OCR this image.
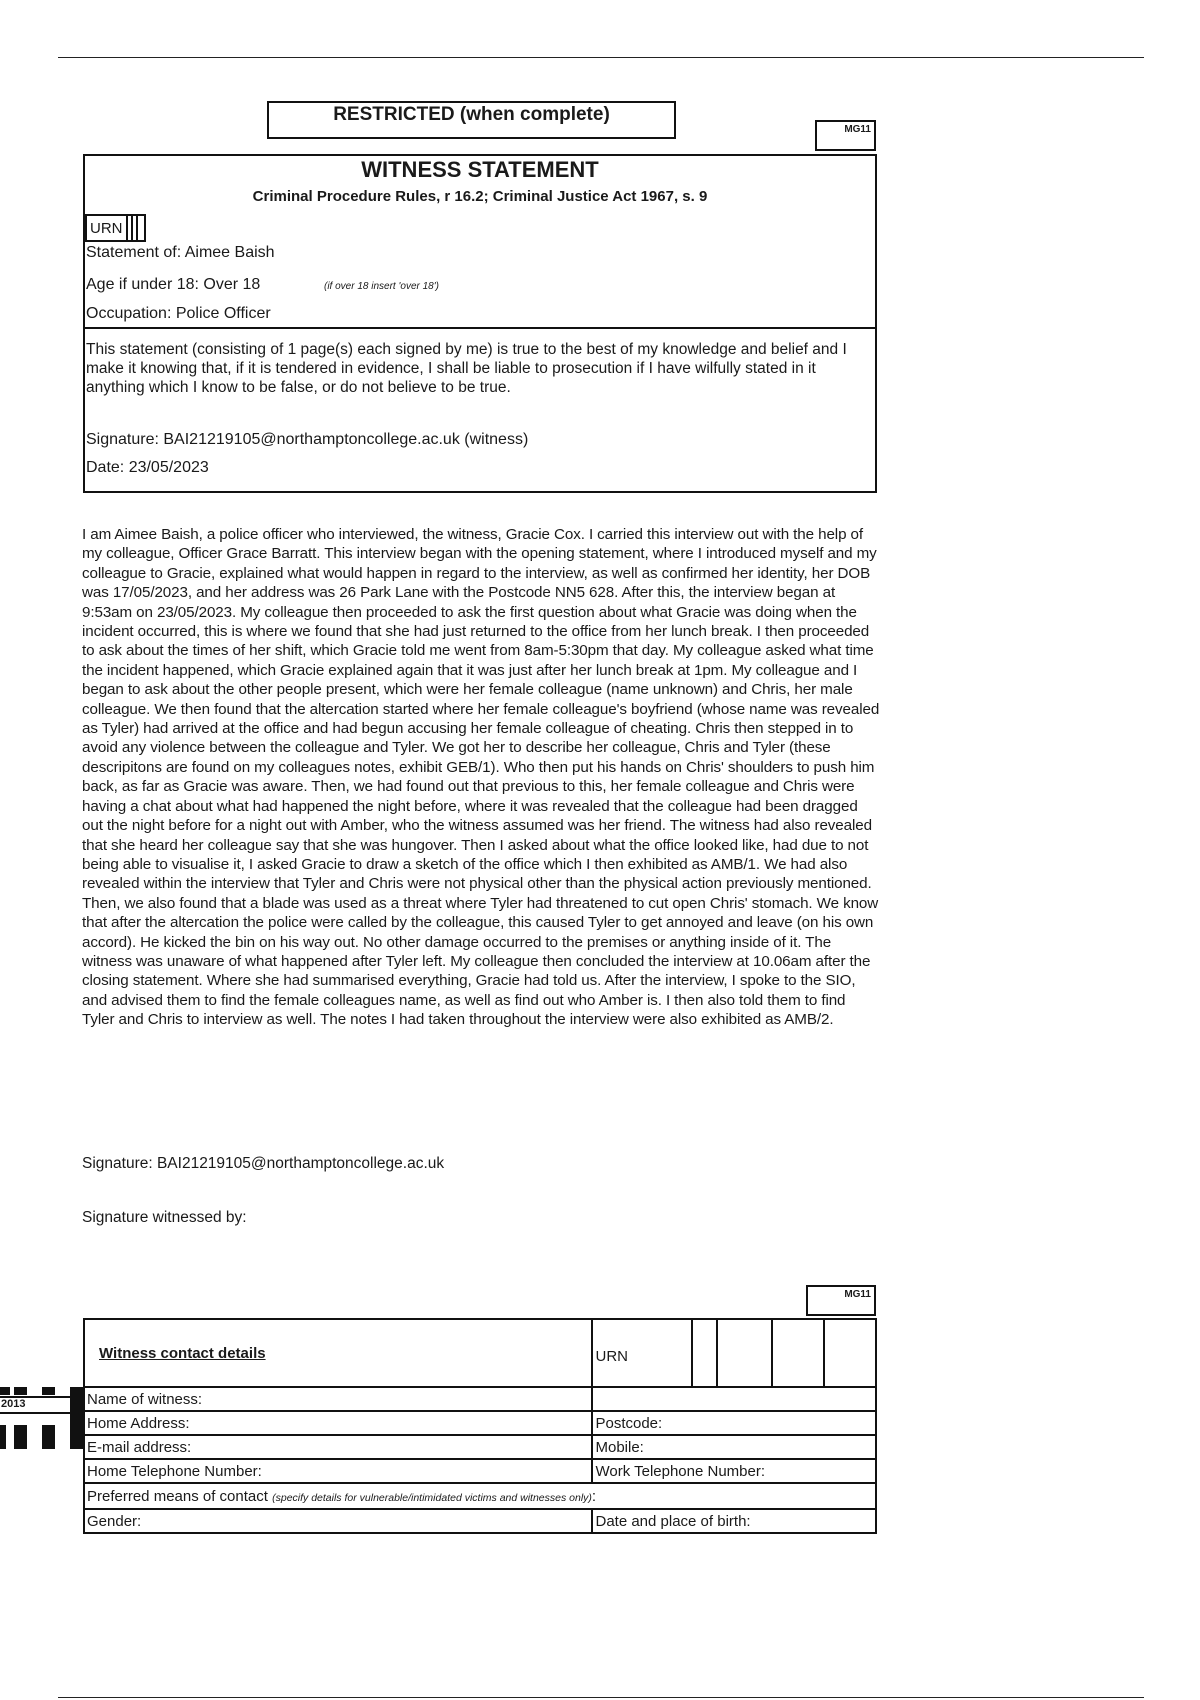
RESTRICTED (when complete)
MG11
WITNESS STATEMENT
Criminal Procedure Rules, r 16.2; Criminal Justice Act 1967, s. 9
URN
Statement of: Aimee Baish
Age if under 18: Over 18	(if over 18 insert 'over 18')
Occupation: Police Officer
This statement (consisting of 1 page(s) each signed by me) is true to the best of my knowledge and belief and I make it knowing that, if it is tendered in evidence, I shall be liable to prosecution if I have wilfully stated in it anything which I know to be false, or do not believe to be true.
Signature: BAI21219105@northamptoncollege.ac.uk (witness)
Date: 23/05/2023
I am Aimee Baish, a police officer who interviewed, the witness, Gracie Cox. I carried this interview out with the help of my colleague, Officer Grace Barratt. This interview began with the opening statement, where I introduced myself and my colleague to Gracie, explained what would happen in regard to the interview, as well as confirmed her identity, her DOB was 17/05/2023, and her address was 26 Park Lane with the Postcode NN5 628. After this, the interview began at 9:53am on 23/05/2023. My colleague then proceeded to ask the first question about what Gracie was doing when the incident occurred, this is where we found that she had just returned to the office from her lunch break. I then proceeded to ask about the times of her shift, which Gracie told me went from 8am-5:30pm that day. My colleague asked what time the incident happened, which Gracie explained again that it was just after her lunch break at 1pm. My colleague and I began to ask about the other people present, which were her female colleague (name unknown) and Chris, her male colleague. We then found that the altercation started where her female colleague's boyfriend (whose name was revealed as Tyler) had arrived at the office and had begun accusing her female colleague of cheating. Chris then stepped in to avoid any violence between the colleague and Tyler. We got her to describe her colleague, Chris and Tyler (these descripitons are found on my colleagues notes, exhibit GEB/1). Who then put his hands on Chris' shoulders to push him back, as far as Gracie was aware. Then, we had found out that previous to this, her female colleague and Chris were having a chat about what had happened the night before, where it was revealed that the colleague had been dragged out the night before for a night out with Amber, who the witness assumed was her friend. The witness had also revealed that she heard her colleague say that she was hungover. Then I asked about what the office looked like, had due to not being able to visualise it, I asked Gracie to draw a sketch of the office which I then exhibited as AMB/1. We had also revealed within the interview that Tyler and Chris were not physical other than the physical action previously mentioned. Then, we also found that a blade was used as a threat where Tyler had threatened to cut open Chris' stomach. We know that after the altercation the police were called by the colleague, this caused Tyler to get annoyed and leave (on his own accord). He kicked the bin on his way out. No other damage occurred to the premises or anything inside of it. The witness was unaware of what happened after Tyler left. My colleague then concluded the interview at 10.06am after the closing statement. Where she had summarised everything, Gracie had told us. After the interview, I spoke to the SIO, and advised them to find the female colleagues name, as well as find out who Amber is. I then also told them to find Tyler and Chris to interview as well. The notes I had taken throughout the interview were also exhibited as AMB/2.
Signature: BAI21219105@northamptoncollege.ac.uk
Signature witnessed by:
MG11
2013
Witness contact details	URN				
Name of witness:					
Home Address:	Postcode:				
E-mail address:	Mobile:				
Home Telephone Number:	Work Telephone Number:				
Preferred means of contact (specify details for vulnerable/intimidated victims and witnesses only):					
Gender:	Date and place of birth:				
